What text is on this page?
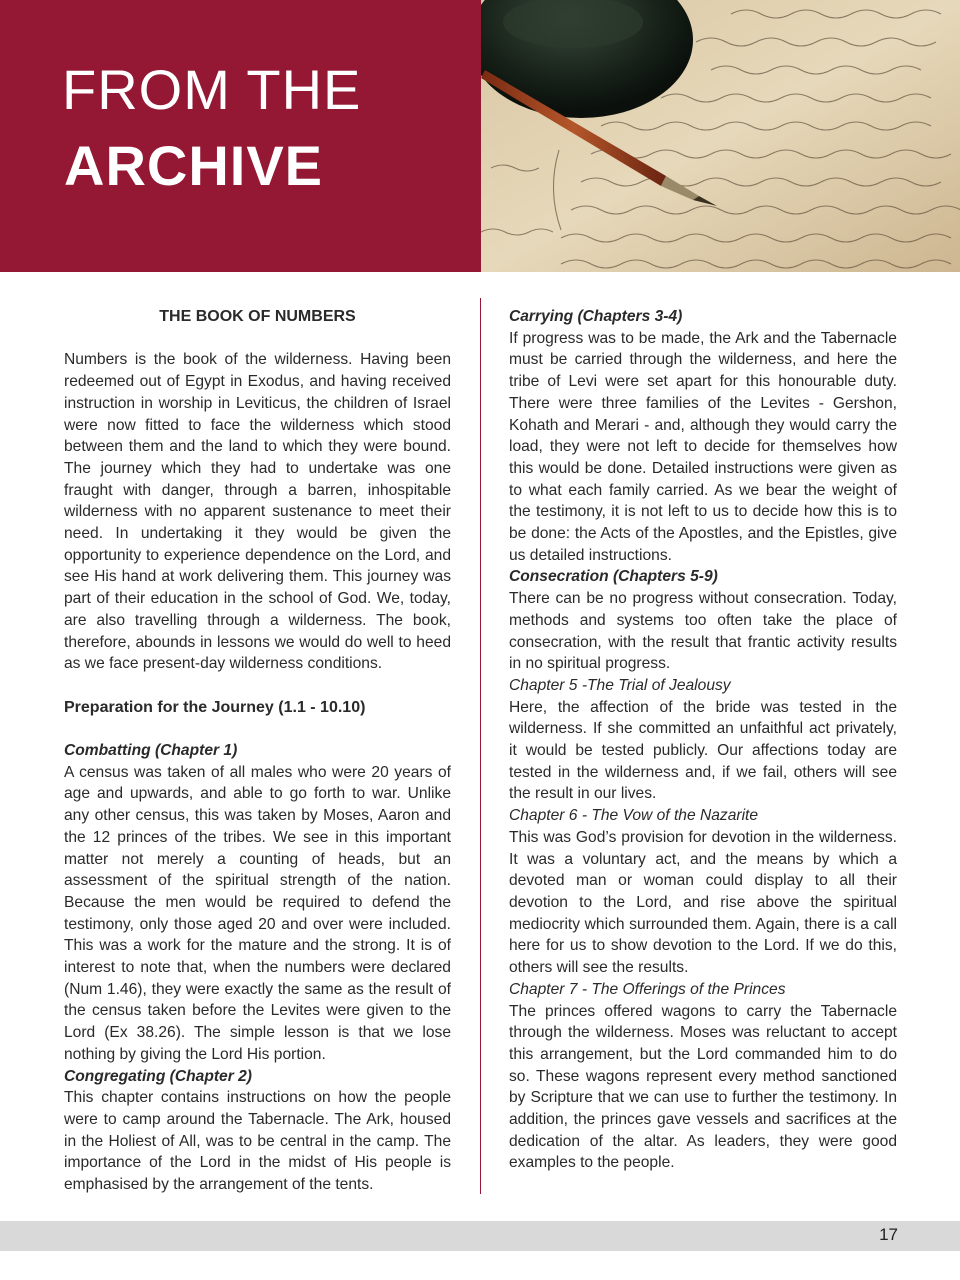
FROM THE
ARCHIVE

THE BOOK OF NUMBERS

Numbers is the book of the wilderness. Having been redeemed out of Egypt in Exodus, and having received instruction in worship in Leviticus, the children of Israel were now fitted to face the wilderness which stood between them and the land to which they were bound. The journey which they had to undertake was one fraught with danger, through a barren, inhospitable wilderness with no apparent sustenance to meet their need. In undertaking it they would be given the opportunity to experience dependence on the Lord, and see His hand at work delivering them. This journey was part of their education in the school of God. We, today, are also travelling through a wilderness. The book, therefore, abounds in lessons we would do well to heed as we face present-day wilderness conditions.

Preparation for the Journey (1.1 - 10.10)

Combatting (Chapter 1)

A census was taken of all males who were 20 years of age and upwards, and able to go forth to war. Unlike any other census, this was taken by Moses, Aaron and the 12 princes of the tribes. We see in this important matter not merely a counting of heads, but an assessment of the spiritual strength of the nation. Because the men would be required to defend the testimony, only those aged 20 and over were included. This was a work for the mature and the strong. It is of interest to note that, when the numbers were declared (Num 1.46), they were exactly the same as the result of the census taken before the Levites were given to the Lord (Ex 38.26). The simple lesson is that we lose nothing by giving the Lord His portion.

Congregating (Chapter 2)

This chapter contains instructions on how the people were to camp around the Tabernacle. The Ark, housed in the Holiest of All, was to be central in the camp. The importance of the Lord in the midst of His people is emphasised by the arrangement of the tents.

Carrying (Chapters 3-4)

If progress was to be made, the Ark and the Tabernacle must be carried through the wilderness, and here the tribe of Levi were set apart for this honourable duty. There were three families of the Levites - Gershon, Kohath and Merari - and, although they would carry the load, they were not left to decide for themselves how this would be done. Detailed instructions were given as to what each family carried. As we bear the weight of the testimony, it is not left to us to decide how this is to be done: the Acts of the Apostles, and the Epistles, give us detailed instructions.

Consecration (Chapters 5-9)

There can be no progress without consecration. Today, methods and systems too often take the place of consecration, with the result that frantic activity results in no spiritual progress.

Chapter 5 -The Trial of Jealousy

Here, the affection of the bride was tested in the wilderness. If she committed an unfaithful act privately, it would be tested publicly. Our affections today are tested in the wilderness and, if we fail, others will see the result in our lives.

Chapter 6 - The Vow of the Nazarite

This was God’s provision for devotion in the wilderness. It was a voluntary act, and the means by which a devoted man or woman could display to all their devotion to the Lord, and rise above the spiritual mediocrity which surrounded them. Again, there is a call here for us to show devotion to the Lord. If we do this, others will see the results.

Chapter 7 - The Offerings of the Princes

The princes offered wagons to carry the Tabernacle through the wilderness. Moses was reluctant to accept this arrangement, but the Lord commanded him to do so. These wagons represent every method sanctioned by Scripture that we can use to further the testimony. In addition, the princes gave vessels and sacrifices at the dedication of the altar. As leaders, they were good examples to the people.

17
